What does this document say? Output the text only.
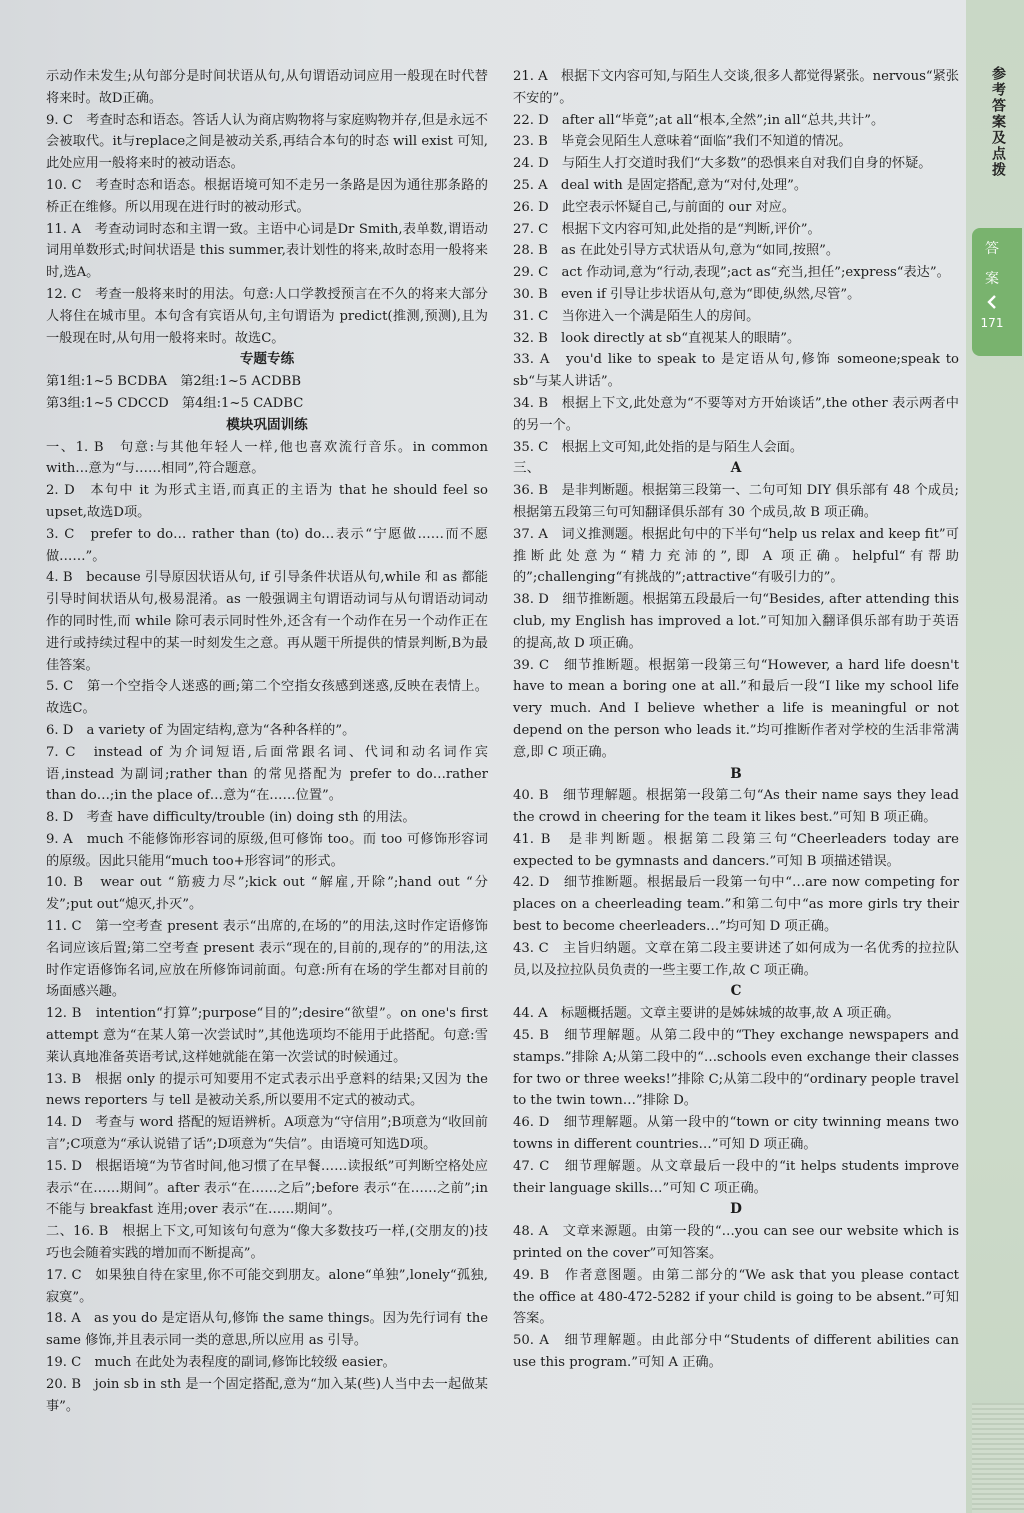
示动作未发生;从句部分是时间状语从句,从句谓语动词应用一般现在时代替将来时。故D正确。
9. C　考查时态和语态。答话人认为商店购物将与家庭购物并存,但是永远不会被取代。it与replace之间是被动关系,再结合本句的时态 will exist 可知,此处应用一般将来时的被动语态。
10. C　考查时态和语态。根据语境可知不走另一条路是因为通往那条路的桥正在维修。所以用现在进行时的被动形式。
11. A　考查动词时态和主谓一致。主语中心词是Dr Smith,表单数,谓语动词用单数形式;时间状语是 this summer,表计划性的将来,故时态用一般将来时,选A。
12. C　考查一般将来时的用法。句意:人口学教授预言在不久的将来大部分人将住在城市里。本句含有宾语从句,主句谓语为 predict(推测,预测),且为一般现在时,从句用一般将来时。故选C。
专题专练
第1组:1~5 BCDBA　第2组:1~5 ACDBB
第3组:1~5 CDCCD　第4组:1~5 CADBC
模块巩固训练
一、1. B　句意:与其他年轻人一样,他也喜欢流行音乐。in common with…意为“与……相同”,符合题意。
2. D　本句中 it 为形式主语,而真正的主语为 that he should feel so upset,故选D项。
3. C　prefer to do… rather than (to) do…表示“宁愿做……而不愿做……”。
4. B　because 引导原因状语从句, if 引导条件状语从句,while 和 as 都能引导时间状语从句,极易混淆。as 一般强调主句谓语动词与从句谓语动词动作的同时性,而 while 除可表示同时性外,还含有一个动作在另一个动作正在进行或持续过程中的某一时刻发生之意。再从题干所提供的情景判断,B为最佳答案。
5. C　第一个空指令人迷惑的画;第二个空指女孩感到迷惑,反映在表情上。故选C。
6. D　a variety of 为固定结构,意为“各种各样的”。
7. C　instead of 为介词短语,后面常跟名词、代词和动名词作宾语,instead 为副词;rather than 的常见搭配为 prefer to do…rather than do…;in the place of…意为“在……位置”。
8. D　考查 have difficulty/trouble (in) doing sth 的用法。
9. A　much 不能修饰形容词的原级,但可修饰 too。而 too 可修饰形容词的原级。因此只能用“much too+形容词”的形式。
10. B　wear out “筋疲力尽”;kick out “解雇,开除”;hand out “分发”;put out“熄灭,扑灭”。
11. C　第一空考查 present 表示“出席的,在场的”的用法,这时作定语修饰名词应该后置;第二空考查 present 表示“现在的,目前的,现存的”的用法,这时作定语修饰名词,应放在所修饰词前面。句意:所有在场的学生都对目前的场面感兴趣。
12. B　intention“打算”;purpose“目的”;desire“欲望”。on one's first attempt 意为“在某人第一次尝试时”,其他选项均不能用于此搭配。句意:雪莱认真地准备英语考试,这样她就能在第一次尝试的时候通过。
13. B　根据 only 的提示可知要用不定式表示出乎意料的结果;又因为 the news reporters 与 tell 是被动关系,所以要用不定式的被动式。
14. D　考查与 word 搭配的短语辨析。A项意为“守信用”;B项意为“收回前言”;C项意为“承认说错了话”;D项意为“失信”。由语境可知选D项。
15. D　根据语境“为节省时间,他习惯了在早餐……读报纸”可判断空格处应表示“在……期间”。after 表示“在……之后”;before 表示“在……之前”;in 不能与 breakfast 连用;over 表示“在……期间”。
二、16. B　根据上下文,可知该句句意为“像大多数技巧一样,(交朋友的)技巧也会随着实践的增加而不断提高”。
17. C　如果独自待在家里,你不可能交到朋友。alone“单独”,lonely“孤独,寂寞”。
18. A　as you do 是定语从句,修饰 the same things。因为先行词有 the same 修饰,并且表示同一类的意思,所以应用 as 引导。
19. C　much 在此处为表程度的副词,修饰比较级 easier。
20. B　join sb in sth 是一个固定搭配,意为“加入某(些)人当中去一起做某事”。
21. A　根据下文内容可知,与陌生人交谈,很多人都觉得紧张。nervous“紧张不安的”。
22. D　after all“毕竟”;at all“根本,全然”;in all“总共,共计”。
23. B　毕竟会见陌生人意味着“面临”我们不知道的情况。
24. D　与陌生人打交道时我们“大多数”的恐惧来自对我们自身的怀疑。
25. A　deal with 是固定搭配,意为“对付,处理”。
26. D　此空表示怀疑自己,与前面的 our 对应。
27. C　根据下文内容可知,此处指的是“判断,评价”。
28. B　as 在此处引导方式状语从句,意为“如同,按照”。
29. C　act 作动词,意为“行动,表现”;act as“充当,担任”;express“表达”。
30. B　even if 引导让步状语从句,意为“即使,纵然,尽管”。
31. C　当你进入一个满是陌生人的房间。
32. B　look directly at sb“直视某人的眼睛”。
33. A　you'd like to speak to 是定语从句,修饰 someone;speak to sb“与某人讲话”。
34. B　根据上下文,此处意为“不要等对方开始谈话”,the other 表示两者中的另一个。
35. C　根据上文可知,此处指的是与陌生人会面。
三、	A
36. B　是非判断题。根据第三段第一、二句可知 DIY 俱乐部有 48 个成员;根据第五段第三句可知翻译俱乐部有 30 个成员,故 B 项正确。
37. A　词义推测题。根据此句中的下半句“help us relax and keep fit”可推断此处意为“精力充沛的”,即 A 项正确。helpful“有帮助的”;challenging“有挑战的”;attractive“有吸引力的”。
38. D　细节推断题。根据第五段最后一句“Besides, after attending this club, my English has improved a lot.”可知加入翻译俱乐部有助于英语的提高,故 D 项正确。
39. C　细节推断题。根据第一段第三句“However, a hard life doesn't have to mean a boring one at all.”和最后一段“I like my school life very much. And I believe whether a life is meaningful or not depend on the person who leads it.”均可推断作者对学校的生活非常满意,即 C 项正确。
B
40. B　细节理解题。根据第一段第二句“As their name says they lead the crowd in cheering for the team it likes best.”可知 B 项正确。
41. B　是非判断题。根据第二段第三句“Cheerleaders today are expected to be gymnasts and dancers.”可知 B 项描述错误。
42. D　细节推断题。根据最后一段第一句中“…are now competing for places on a cheerleading team.”和第二句中“as more girls try their best to become cheerleaders…”均可知 D 项正确。
43. C　主旨归纳题。文章在第二段主要讲述了如何成为一名优秀的拉拉队员,以及拉拉队员负责的一些主要工作,故 C 项正确。
C
44. A　标题概括题。文章主要讲的是姊妹城的故事,故 A 项正确。
45. B　细节理解题。从第二段中的“They exchange newspapers and stamps.”排除 A;从第二段中的“…schools even exchange their classes for two or three weeks!”排除 C;从第二段中的“ordinary people travel to the twin town…”排除 D。
46. D　细节理解题。从第一段中的“town or city twinning means two towns in different countries…”可知 D 项正确。
47. C　细节理解题。从文章最后一段中的“it helps students improve their language skills…”可知 C 项正确。
D
48. A　文章来源题。由第一段的“…you can see our website which is printed on the cover”可知答案。
49. B　作者意图题。由第二部分的“We ask that you please contact the office at 480-472-5282 if your child is going to be absent.”可知答案。
50. A　细节理解题。由此部分中“Students of different abilities can use this program.”可知 A 正确。
参考答案及点拨
答
案
171
